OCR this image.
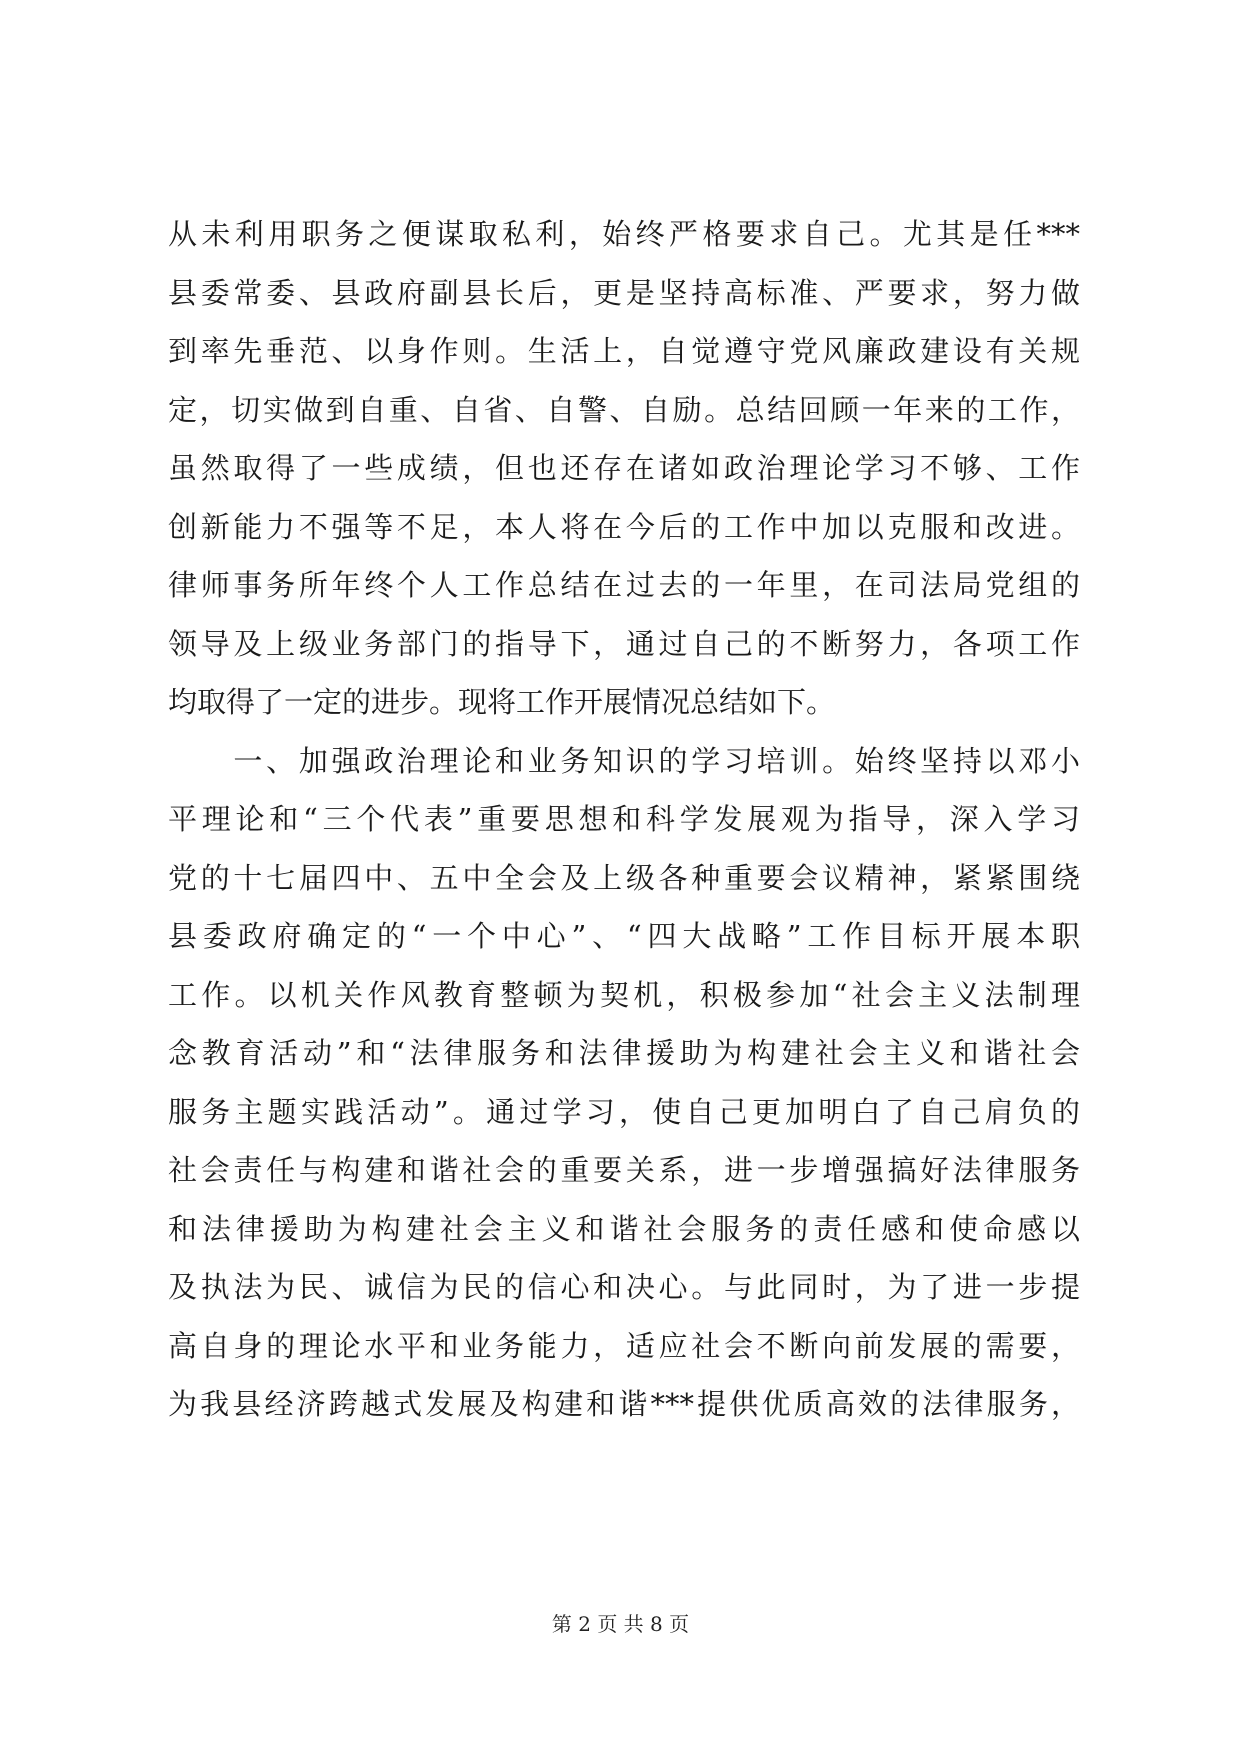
从未利用职务之便谋取私利，始终严格要求自己。尤其是任***
县委常委、县政府副县长后，更是坚持高标准、严要求，努力做
到率先垂范、以身作则。生活上，自觉遵守党风廉政建设有关规
定，切实做到自重、自省、自警、自励。总结回顾一年来的工作，
虽然取得了一些成绩，但也还存在诸如政治理论学习不够、工作
创新能力不强等不足，本人将在今后的工作中加以克服和改进。
律师事务所年终个人工作总结在过去的一年里，在司法局党组的
领导及上级业务部门的指导下，通过自己的不断努力，各项工作
均取得了一定的进步。现将工作开展情况总结如下。
　　一、加强政治理论和业务知识的学习培训。始终坚持以邓小
平理论和“三个代表”重要思想和科学发展观为指导，深入学习
党的十七届四中、五中全会及上级各种重要会议精神，紧紧围绕
县委政府确定的“一个中心”、“四大战略”工作目标开展本职
工作。以机关作风教育整顿为契机，积极参加“社会主义法制理
念教育活动”和“法律服务和法律援助为构建社会主义和谐社会
服务主题实践活动”。通过学习，使自己更加明白了自己肩负的
社会责任与构建和谐社会的重要关系，进一步增强搞好法律服务
和法律援助为构建社会主义和谐社会服务的责任感和使命感以
及执法为民、诚信为民的信心和决心。与此同时，为了进一步提
高自身的理论水平和业务能力，适应社会不断向前发展的需要，
为我县经济跨越式发展及构建和谐***提供优质高效的法律服务，
第 2 页 共 8 页
